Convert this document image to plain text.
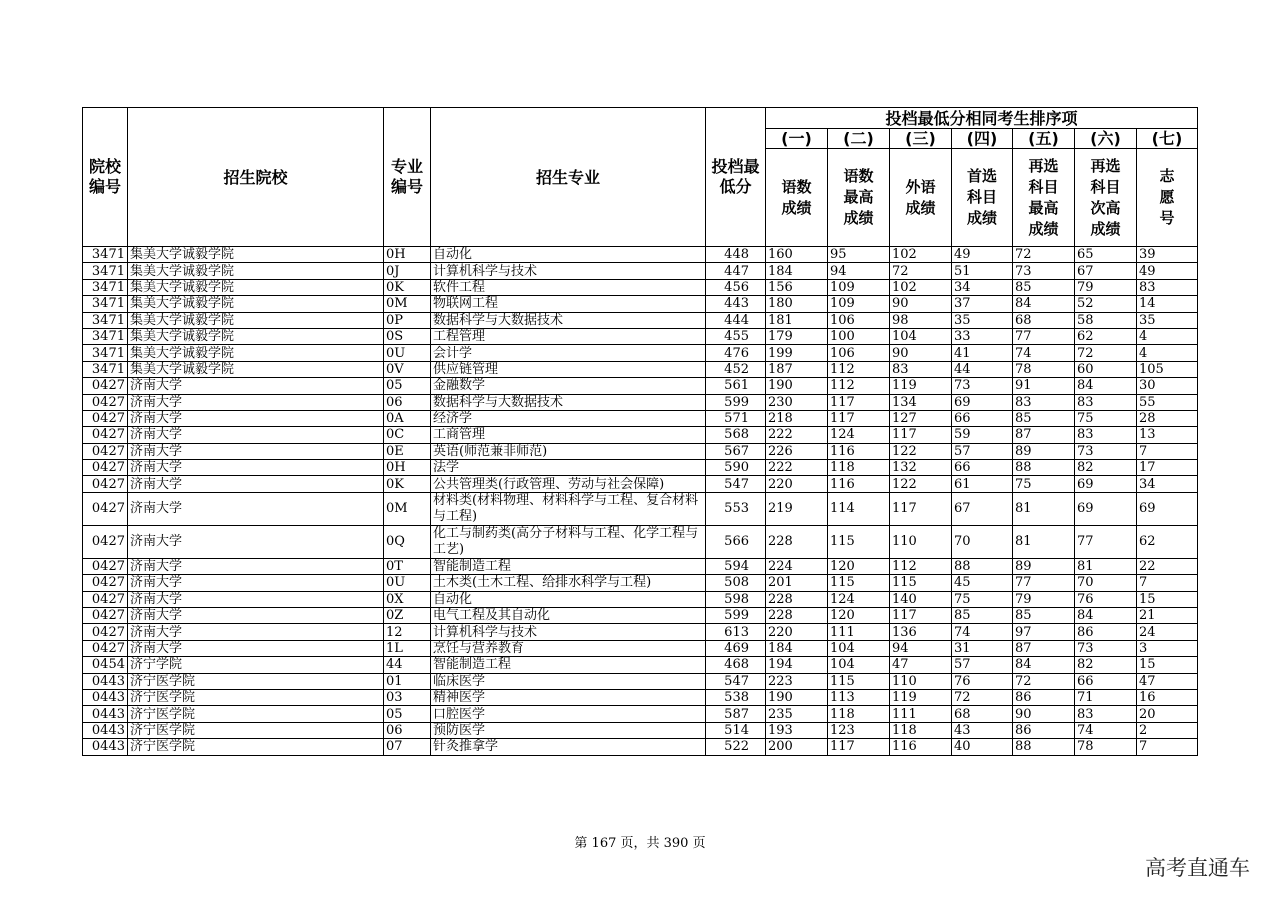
院校编号	招生院校	专业编号	招生专业	投档最低分	投档最低分相同考生排序项						
					(一)	(二)	(三)	(四)	(五)	(六)	(七)

					语数成绩	语数最高成绩	外语成绩	首选科目成绩	再选科目最高成绩	再选科目次高成绩	志愿号

3471	集美大学诚毅学院	0H	自动化	448	160	95	102	49	72	65	39
3471	集美大学诚毅学院	0J	计算机科学与技术	447	184	94	72	51	73	67	49
3471	集美大学诚毅学院	0K	软件工程	456	156	109	102	34	85	79	83
3471	集美大学诚毅学院	0M	物联网工程	443	180	109	90	37	84	52	14
3471	集美大学诚毅学院	0P	数据科学与大数据技术	444	181	106	98	35	68	58	35
3471	集美大学诚毅学院	0S	工程管理	455	179	100	104	33	77	62	4
3471	集美大学诚毅学院	0U	会计学	476	199	106	90	41	74	72	4
3471	集美大学诚毅学院	0V	供应链管理	452	187	112	83	44	78	60	105
0427	济南大学	05	金融数学	561	190	112	119	73	91	84	30
0427	济南大学	06	数据科学与大数据技术	599	230	117	134	69	83	83	55
0427	济南大学	0A	经济学	571	218	117	127	66	85	75	28
0427	济南大学	0C	工商管理	568	222	124	117	59	87	83	13
0427	济南大学	0E	英语(师范兼非师范)	567	226	116	122	57	89	73	7
0427	济南大学	0H	法学	590	222	118	132	66	88	82	17
0427	济南大学	0K	公共管理类(行政管理、劳动与社会保障)	547	220	116	122	61	75	69	34
0427	济南大学	0M	材料类(材料物理、材料科学与工程、复合材料与工程)	553	219	114	117	67	81	69	69
0427	济南大学	0Q	化工与制药类(高分子材料与工程、化学工程与工艺)	566	228	115	110	70	81	77	62
0427	济南大学	0T	智能制造工程	594	224	120	112	88	89	81	22
0427	济南大学	0U	土木类(土木工程、给排水科学与工程)	508	201	115	115	45	77	70	7
0427	济南大学	0X	自动化	598	228	124	140	75	79	76	15
0427	济南大学	0Z	电气工程及其自动化	599	228	120	117	85	85	84	21
0427	济南大学	12	计算机科学与技术	613	220	111	136	74	97	86	24
0427	济南大学	1L	烹饪与营养教育	469	184	104	94	31	87	73	3
0454	济宁学院	44	智能制造工程	468	194	104	47	57	84	82	15
0443	济宁医学院	01	临床医学	547	223	115	110	76	72	66	47
0443	济宁医学院	03	精神医学	538	190	113	119	72	86	71	16
0443	济宁医学院	05	口腔医学	587	235	118	111	68	90	83	20
0443	济宁医学院	06	预防医学	514	193	123	118	43	86	74	2
0443	济宁医学院	07	针灸推拿学	522	200	117	116	40	88	78	7
第 167 页，共 390 页
高考直通车
